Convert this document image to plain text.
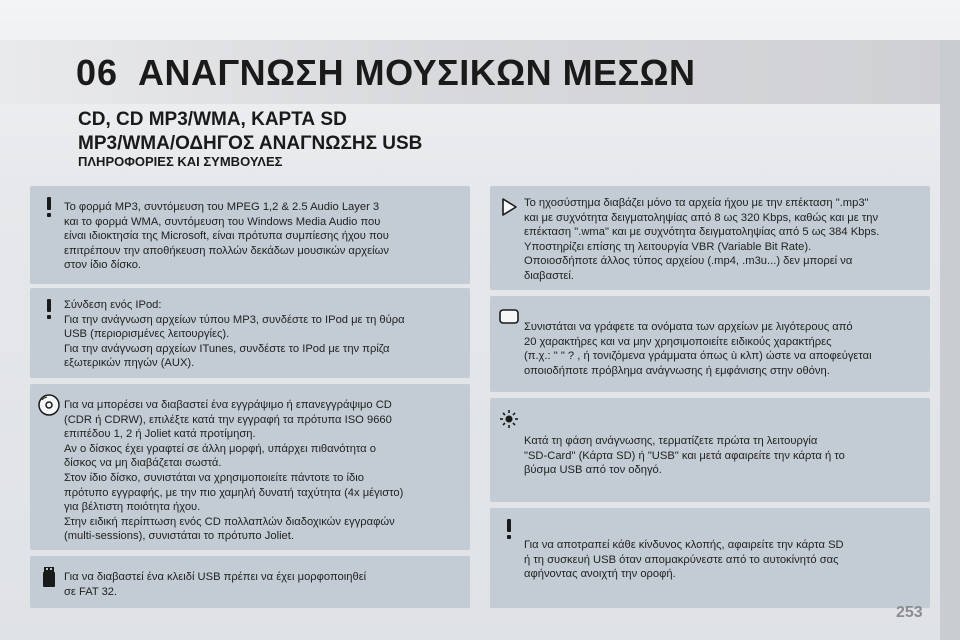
06 ΑΝΑΓΝΩΣΗ ΜΟΥΣΙΚΩΝ ΜΕΣΩΝ
CD, CD MP3/WMA, ΚΑΡΤΑ SD
MP3/WMA/ΟΔΗΓΟΣ ΑΝΑΓΝΩΣΗΣ USB
ΠΛΗΡΟΦΟΡΙΕΣ ΚΑΙ ΣΥΜΒΟΥΛΕΣ

Το φορμά MP3, συντόμευση του MPEG 1,2 & 2.5 Audio Layer 3

και το φορμά WMA, συντόμευση του Windows Media Audio που

είναι ιδιοκτησία της Microsoft, είναι πρότυπα συμπίεσης ήχου που

επιτρέπουν την αποθήκευση πολλών δεκάδων μουσικών αρχείων

στον ίδιο δίσκο.

Σύνδεση ενός IPod:

Για την ανάγνωση αρχείων τύπου MP3, συνδέστε το IPod με τη θύρα

USB (περιορισμένες λειτουργίες).

Για την ανάγνωση αρχείων ITunes, συνδέστε το IPod με την πρίζα

εξωτερικών πηγών (AUX).

Για να μπορέσει να διαβαστεί ένα εγγράψιμο ή επανεγγράψιμο CD

(CDR ή CDRW), επιλέξτε κατά την εγγραφή τα πρότυπα ISO 9660

επιπέδου 1, 2 ή Joliet κατά προτίμηση.

Αν ο δίσκος έχει γραφτεί σε άλλη μορφή, υπάρχει πιθανότητα ο

δίσκος να μη διαβάζεται σωστά.

Στον ίδιο δίσκο, συνιστάται να χρησιμοποιείτε πάντοτε το ίδιο

πρότυπο εγγραφής, με την πιο χαμηλή δυνατή ταχύτητα (4x μέγιστο)

για βέλτιστη ποιότητα ήχου.

Στην ειδική περίπτωση ενός CD πολλαπλών διαδοχικών εγγραφών

(multi-sessions), συνιστάται το πρότυπο Joliet.

Για να διαβαστεί ένα κλειδί USB πρέπει να έχει μορφοποιηθεί

σε FAT 32.

Το ηχοσύστημα διαβάζει μόνο τα αρχεία ήχου με την επέκταση ".mp3"

και με συχνότητα δειγματοληψίας από 8 ως 320 Kbps, καθώς και με την

επέκταση ".wma" και με συχνότητα δειγματοληψίας από 5 ως 384 Kbps.

Υποστηρίζει επίσης τη λειτουργία VBR (Variable Bit Rate).

Οποιοσδήποτε άλλος τύπος αρχείου (.mp4, .m3u...) δεν μπορεί να

διαβαστεί.

Συνιστάται να γράφετε τα ονόματα των αρχείων με λιγότερους από

20 χαρακτήρες και να μην χρησιμοποιείτε ειδικούς χαρακτήρες

(π.χ.: " " ? , ή τονιζόμενα γράμματα όπως ù κλπ) ώστε να αποφεύγεται

οποιοδήποτε πρόβλημα ανάγνωσης ή εμφάνισης στην οθόνη.

Κατά τη φάση ανάγνωσης, τερματίζετε πρώτα τη λειτουργία

"SD-Card" (Κάρτα SD) ή "USB" και μετά αφαιρείτε την κάρτα ή το

βύσμα USB από τον οδηγό.

Για να αποτραπεί κάθε κίνδυνος κλοπής, αφαιρείτε την κάρτα SD

ή τη συσκευή USB όταν απομακρύνεστε από το αυτοκίνητό σας

αφήνοντας ανοιχτή την οροφή.

253
